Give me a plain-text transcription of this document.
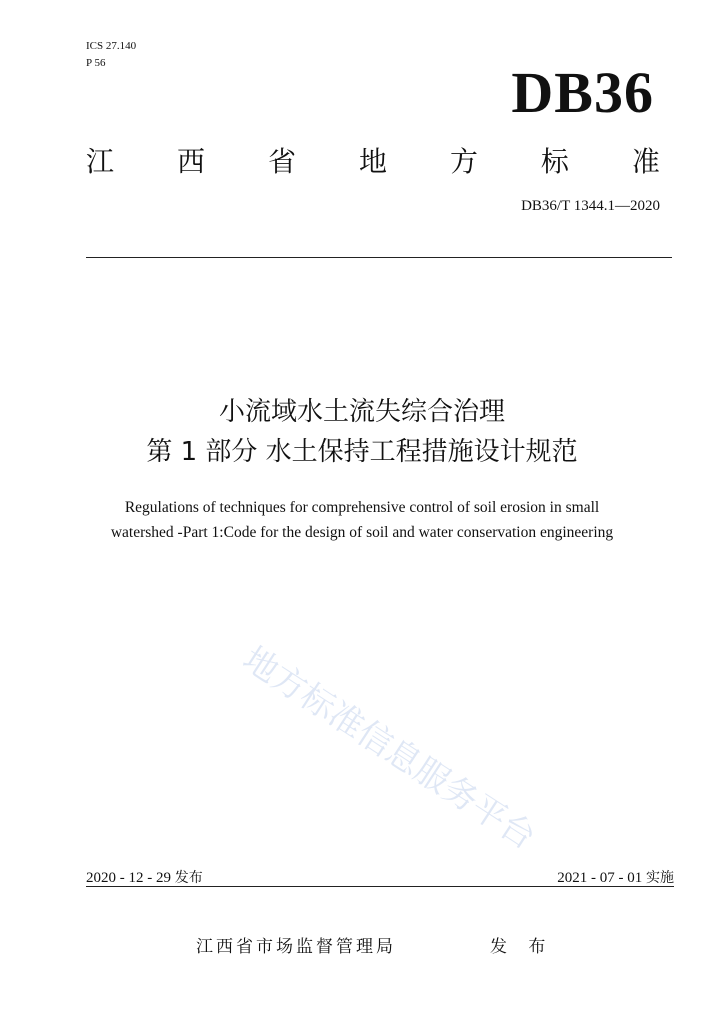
ICS 27.140
P 56	DB36
江 西 省 地 方 标 准
DB36/T 1344.1—2020
小流域水土流失综合治理
第 1 部分 水土保持工程措施设计规范
Regulations of techniques for comprehensive control of soil erosion in small
watershed -Part 1:Code for the design of soil and water conservation engineering
地方标准信息服务平台
2020 - 12 - 29 发布	2021 - 07 - 01 实施
江西省市场监督管理局	发 布
